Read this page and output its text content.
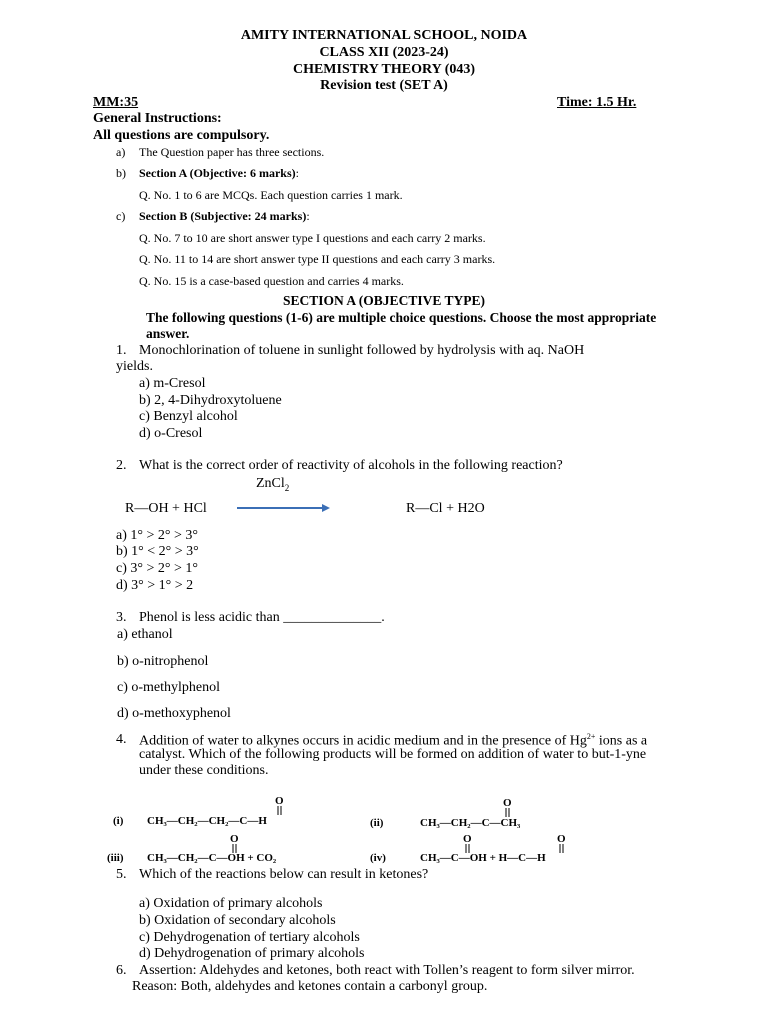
AMITY INTERNATIONAL SCHOOL, NOIDA
CLASS XII (2023-24)
CHEMISTRY THEORY (043)
Revision test (SET A)
MM:35	Time: 1.5 Hr.
General Instructions:
All questions are compulsory.
a) The Question paper has three sections.
b) Section A (Objective: 6 marks):
Q. No. 1 to 6 are MCQs. Each question carries 1 mark.
c) Section B (Subjective: 24 marks):
Q. No. 7 to 10 are short answer type I questions and each carry 2 marks.
Q. No. 11 to 14 are short answer type II questions and each carry 3 marks.
Q. No. 15 is a case-based question and carries 4 marks.
SECTION A (OBJECTIVE TYPE)
The following questions (1-6) are multiple choice questions. Choose the most appropriate
answer.
1. Monochlorination of toluene in sunlight followed by hydrolysis with aq. NaOH
yields.
a) m-Cresol
b) 2, 4-Dihydroxytoluene
c) Benzyl alcohol
d) o-Cresol
2. What is the correct order of reactivity of alcohols in the following reaction?
ZnCl$_2$
R—OH + HCl	R—Cl + H2O
a) 1° > 2° > 3°
b) 1° < 2° > 3°
c) 3° > 2° > 1°
d) 3° > 1° > 2
3. Phenol is less acidic than ______________.
a) ethanol
b) o-nitrophenol
c) o-methylphenol
d) o-methoxyphenol
4. Addition of water to alkynes occurs in acidic medium and in the presence of $Hg^{2+}$ ions as a
catalyst. Which of the following products will be formed on addition of water to but-1-yne
under these conditions.
(i) CH₃—CH₂—CH₂—C—H
O
(ii)	CH₃—CH₂—C—CH₃
O
(iii) CH₃—CH₂—C—OH + CO₂
O
(iv)	CH₃—C—OH + H—C—H
O	O
5. Which of the reactions below can result in ketones?
a) Oxidation of primary alcohols
b) Oxidation of secondary alcohols
c) Dehydrogenation of tertiary alcohols
d) Dehydrogenation of primary alcohols
6. Assertion: Aldehydes and ketones, both react with Tollen’s reagent to form silver mirror.
Reason: Both, aldehydes and ketones contain a carbonyl group.
